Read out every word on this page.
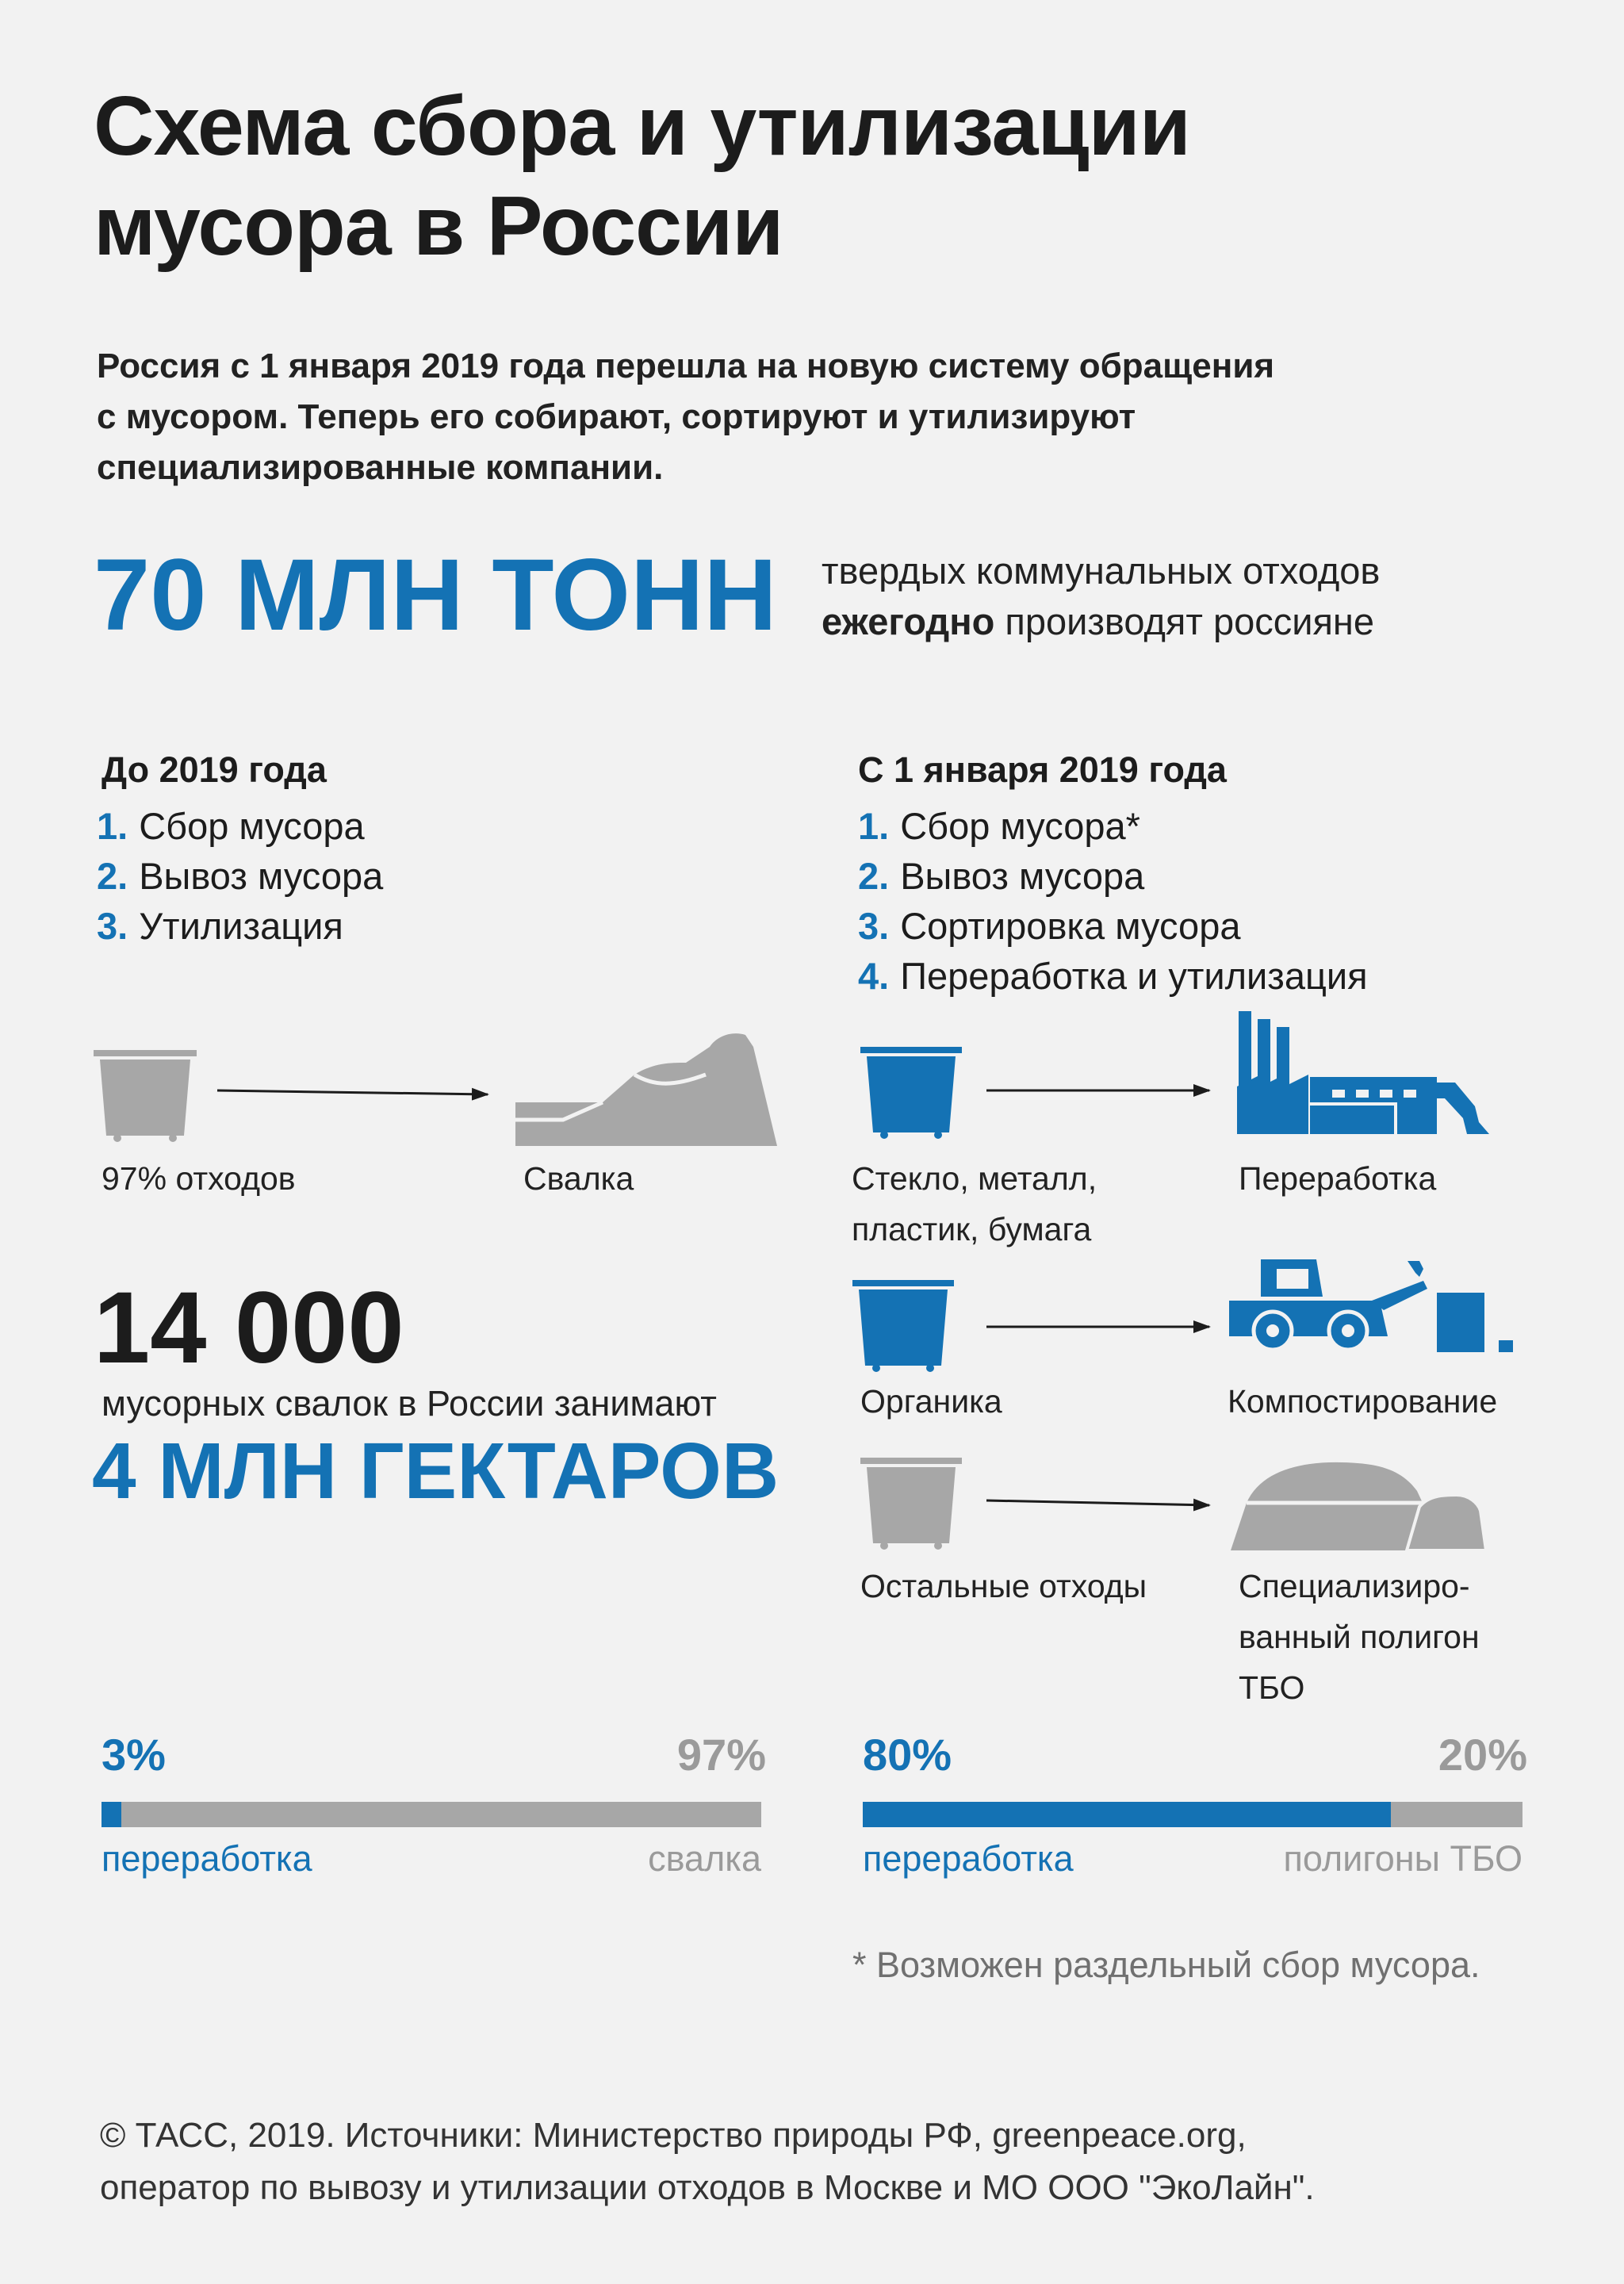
Схема сбора и утилизации
мусора в России
Россия с 1 января 2019 года перешла на новую систему обращения
с мусором. Теперь его собирают, сортируют и утилизируют
специализированные компании.
70 МЛН ТОНН твердых коммунальных отходов
ежегодно производят россияне
До 2019 года
1. Сбор мусора
2. Вывоз мусора
3. Утилизация
С 1 января 2019 года
1. Сбор мусора*
2. Вывоз мусора
3. Сортировка мусора
4. Переработка и утилизация
97% отходов	Свалка	Стекло, металл,
пластик, бумага
Переработка
Органика	Компостирование
Остальные отходы	Специализиро-
ванный полигон
ТБО
14 000
мусорных свалок в России занимают
4 МЛН ГЕКТАРОВ
3%	97%
переработка	свалка
80%	20%
переработка	полигоны ТБО
* Возможен раздельный сбор мусора.
© ТАСС, 2019. Источники: Министерство природы РФ, greenpeace.org,
оператор по вывозу и утилизации отходов в Москве и МО ООО "ЭкоЛайн".
